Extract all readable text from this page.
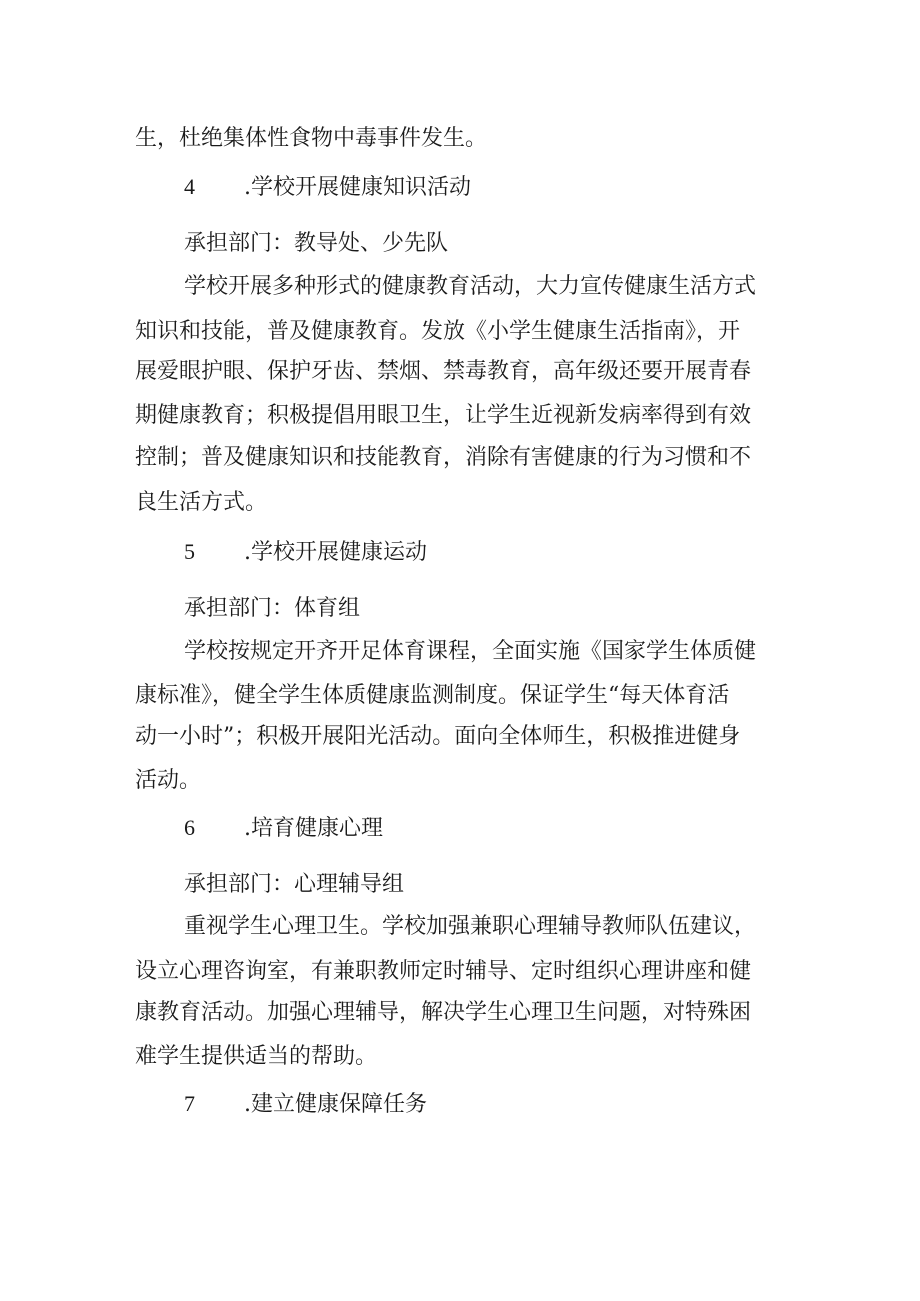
生，杜绝集体性食物中毒事件发生。

4 .学校开展健康知识活动

承担部门：教导处、少先队

学校开展多种形式的健康教育活动，大力宣传健康生活方式

知识和技能，普及健康教育。发放《小学生健康生活指南》，开

展爱眼护眼、保护牙齿、禁烟、禁毒教育，高年级还要开展青春

期健康教育；积极提倡用眼卫生，让学生近视新发病率得到有效

控制；普及健康知识和技能教育，消除有害健康的行为习惯和不

良生活方式。

5 .学校开展健康运动

承担部门：体育组

学校按规定开齐开足体育课程，全面实施《国家学生体质健

康标准》，健全学生体质健康监测制度。保证学生“每天体育活

动一小时”；积极开展阳光活动。面向全体师生，积极推进健身

活动。

6 .培育健康心理

承担部门：心理辅导组

重视学生心理卫生。学校加强兼职心理辅导教师队伍建议，

设立心理咨询室，有兼职教师定时辅导、定时组织心理讲座和健

康教育活动。加强心理辅导，解决学生心理卫生问题，对特殊困

难学生提供适当的帮助。

7 .建立健康保障任务
